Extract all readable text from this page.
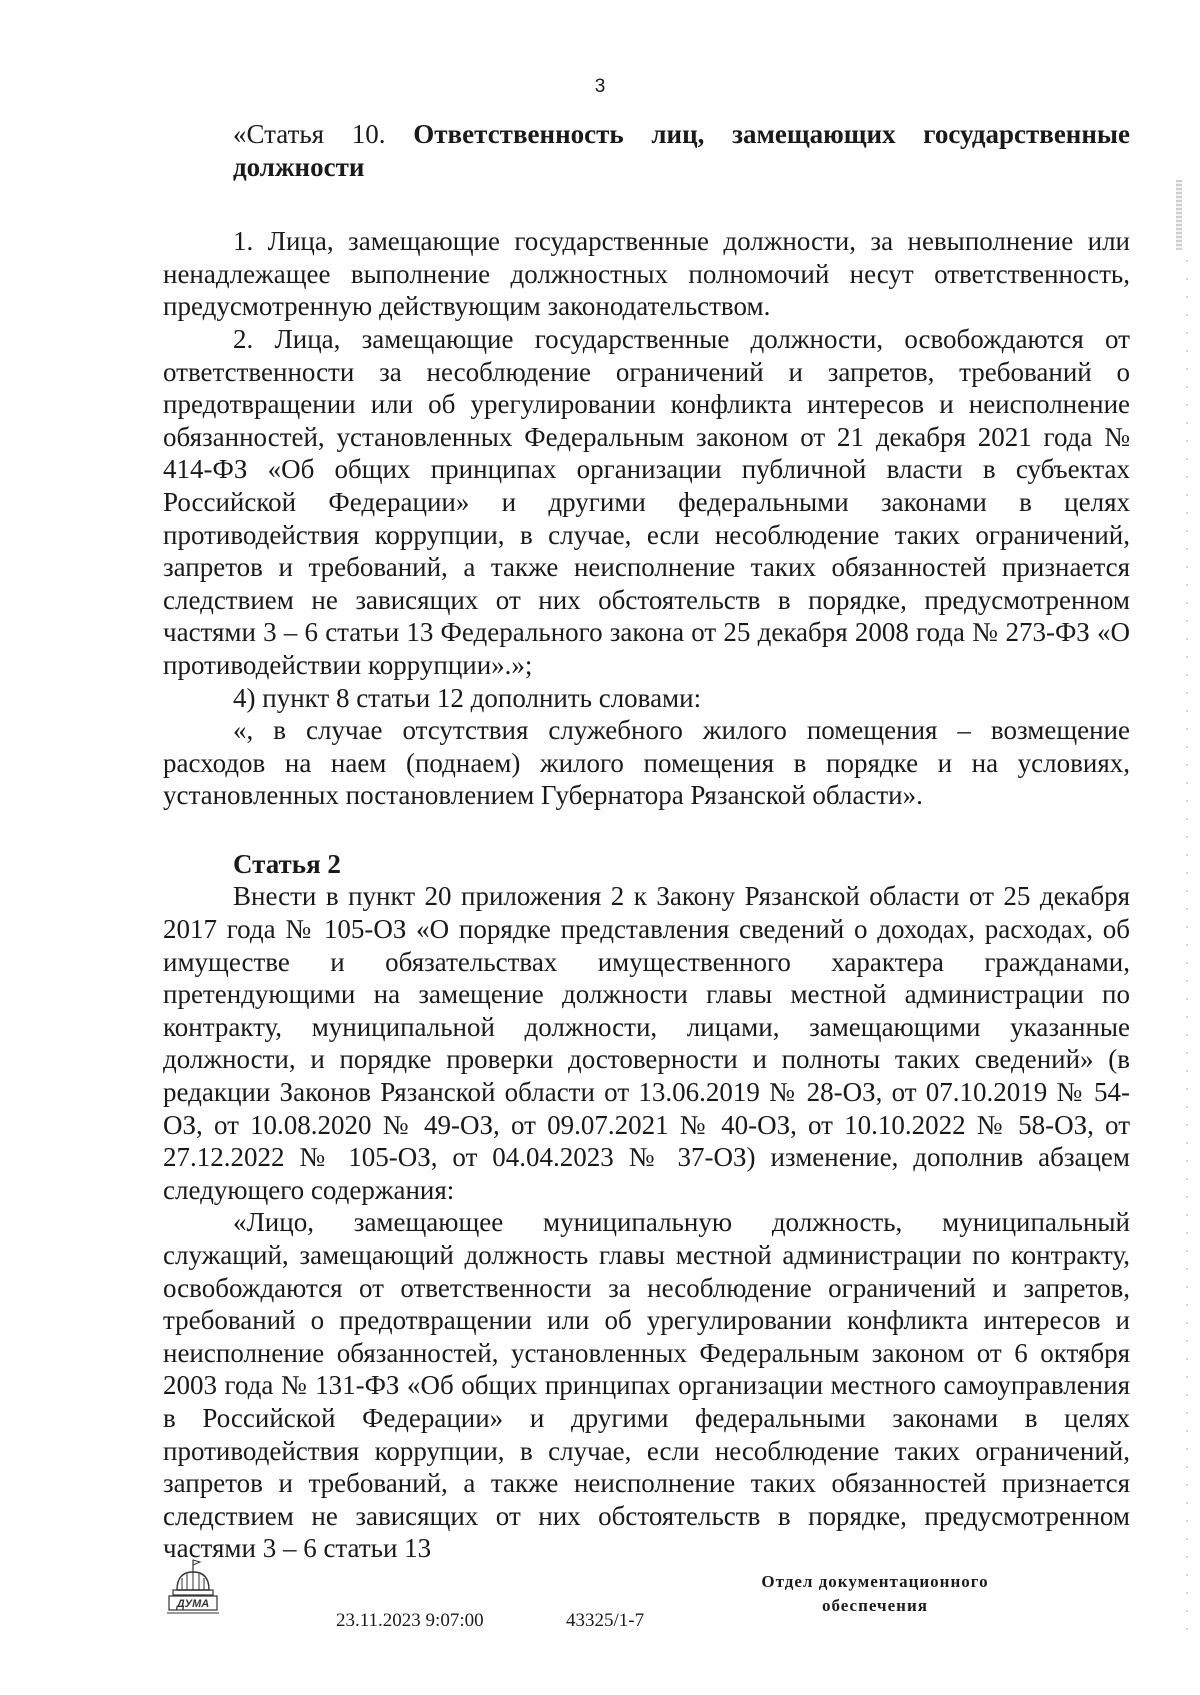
3
«Статья 10. Ответственность лиц, замещающих государственные должности

1. Лица, замещающие государственные должности, за невыполнение или ненадлежащее выполнение должностных полномочий несут ответственность, предусмотренную действующим законодательством.

2. Лица, замещающие государственные должности, освобождаются от ответственности за несоблюдение ограничений и запретов, требований о предотвращении или об урегулировании конфликта интересов и неисполнение обязанностей, установленных Федеральным законом от 21 декабря 2021 года № 414-ФЗ «Об общих принципах организации публичной власти в субъектах Российской Федерации» и другими федеральными законами в целях противодействия коррупции, в случае, если несоблюдение таких ограничений, запретов и требований, а также неисполнение таких обязанностей признается следствием не зависящих от них обстоятельств в порядке, предусмотренном частями 3 – 6 статьи 13 Федерального закона от 25 декабря 2008 года № 273-ФЗ «О противодействии коррупции».»;

4) пункт 8 статьи 12 дополнить словами:

«, в случае отсутствия служебного жилого помещения – возмещение расходов на наем (поднаем) жилого помещения в порядке и на условиях, установленных постановлением Губернатора Рязанской области».

Статья 2

Внести в пункт 20 приложения 2 к Закону Рязанской области от 25 декабря 2017 года № 105-ОЗ «О порядке представления сведений о доходах, расходах, об имуществе и обязательствах имущественного характера гражданами, претендующими на замещение должности главы местной администрации по контракту, муниципальной должности, лицами, замещающими указанные должности, и порядке проверки достоверности и полноты таких сведений» (в редакции Законов Рязанской области от 13.06.2019 № 28-ОЗ, от 07.10.2019 № 54-ОЗ, от 10.08.2020 № 49-ОЗ, от 09.07.2021 № 40-ОЗ, от 10.10.2022 № 58-ОЗ, от 27.12.2022 № 105-ОЗ, от 04.04.2023 № 37-ОЗ) изменение, дополнив абзацем следующего содержания:

«Лицо, замещающее муниципальную должность, муниципальный служащий, замещающий должность главы местной администрации по контракту, освобождаются от ответственности за несоблюдение ограничений и запретов, требований о предотвращении или об урегулировании конфликта интересов и неисполнение обязанностей, установленных Федеральным законом от 6 октября 2003 года № 131-ФЗ «Об общих принципах организации местного самоуправления в Российской Федерации» и другими федеральными законами в целях противодействия коррупции, в случае, если несоблюдение таких ограничений, запретов и требований, а также неисполнение таких обязанностей признается следствием не зависящих от них обстоятельств в порядке, предусмотренном частями 3 – 6 статьи 13

ДУМА
23.11.2023 9:07:00	43325/1-7
Отдел документационного
обеспечения
